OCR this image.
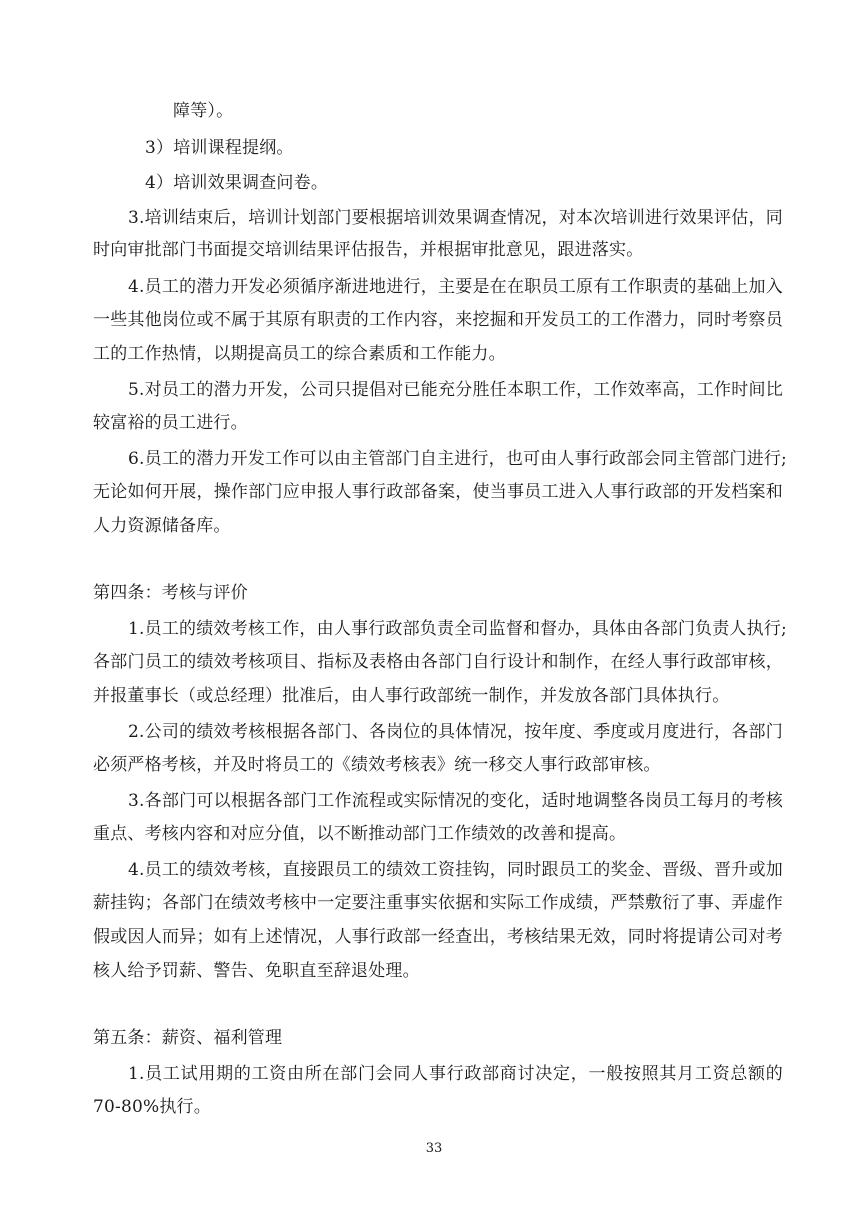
障等）。
3）培训课程提纲。
4）培训效果调查问卷。
3.培训结束后，培训计划部门要根据培训效果调查情况，对本次培训进行效果评估，同
时向审批部门书面提交培训结果评估报告，并根据审批意见，跟进落实。
4.员工的潜力开发必须循序渐进地进行，主要是在在职员工原有工作职责的基础上加入
一些其他岗位或不属于其原有职责的工作内容，来挖掘和开发员工的工作潜力，同时考察员
工的工作热情，以期提高员工的综合素质和工作能力。
5.对员工的潜力开发，公司只提倡对已能充分胜任本职工作，工作效率高，工作时间比
较富裕的员工进行。
6.员工的潜力开发工作可以由主管部门自主进行，也可由人事行政部会同主管部门进行;
无论如何开展，操作部门应申报人事行政部备案，使当事员工进入人事行政部的开发档案和
人力资源储备库。
第四条：考核与评价
1.员工的绩效考核工作，由人事行政部负责全司监督和督办，具体由各部门负责人执行;
各部门员工的绩效考核项目、指标及表格由各部门自行设计和制作，在经人事行政部审核，
并报董事长（或总经理）批准后，由人事行政部统一制作，并发放各部门具体执行。
2.公司的绩效考核根据各部门、各岗位的具体情况，按年度、季度或月度进行，各部门
必须严格考核，并及时将员工的《绩效考核表》统一移交人事行政部审核。
3.各部门可以根据各部门工作流程或实际情况的变化，适时地调整各岗员工每月的考核
重点、考核内容和对应分值，以不断推动部门工作绩效的改善和提高。
4.员工的绩效考核，直接跟员工的绩效工资挂钩，同时跟员工的奖金、晋级、晋升或加
薪挂钩；各部门在绩效考核中一定要注重事实依据和实际工作成绩，严禁敷衍了事、弄虚作
假或因人而异；如有上述情况，人事行政部一经查出，考核结果无效，同时将提请公司对考
核人给予罚薪、警告、免职直至辞退处理。
第五条：薪资、福利管理
1.员工试用期的工资由所在部门会同人事行政部商讨决定，一般按照其月工资总额的
70-80%执行。
33
